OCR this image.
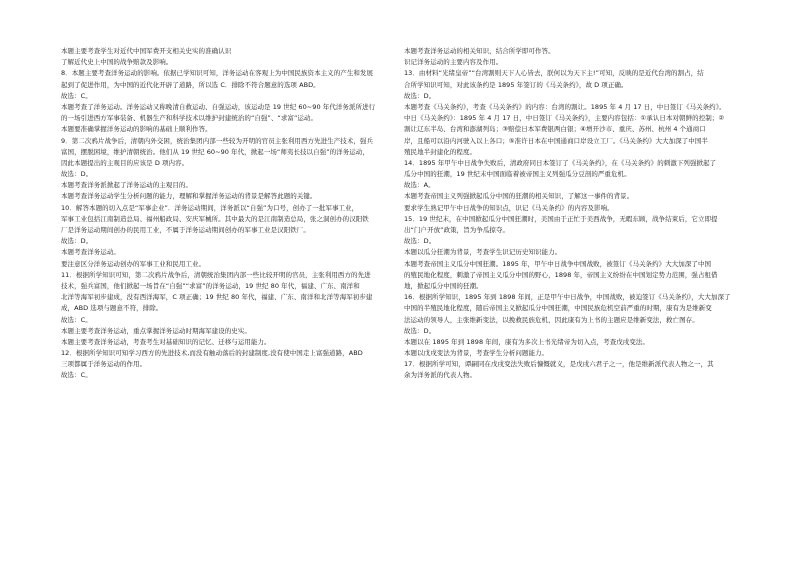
本题主要考查学生对近代中国军费开支相关史实的准确认识
了解近代史上中国的战争赔款及影响。
8．本题主要考查洋务运动的影响。依据已学知识可知，洋务运动在客观上为中国民族资本主义的产生和发展
起到了促进作用，为中国的近代化开辟了道路，所以选 C．排除不符合题意的选项 ABD。
故选：C。
本题考查了洋务运动。洋务运动又称晚清自救运动、自强运动，该运动是 19 世纪 60~90 年代洋务派所进行
的一场引进西方军事装备、机器生产和科学技术以维护封建统治的“自强”、“求富”运动。
本题要准确掌握洋务运动的影响的基础上顺利作答。
9．第二次鸦片战争后，清朝内外交困，统治集团内部一些较为开明的官员主张利用西方先进生产技术，强兵
富国，摆脱困境，维护清朝统治。他们从 19 世纪 60~90 年代，掀起一场“师夷长技以自强”的洋务运动，
因此本题提出的主观目的应该是 D 项内容。
故选：D。
本题考查洋务派掀起了洋务运动的主观目的。
本题考查洋务运动学生分析问题的能力，理解和掌握洋务运动的背景是解答此题的关键。
10．解答本题的切入点是“军事企业”．洋务运动期间，洋务派以“自强”为口号，创办了一批军事工业，
军事工业包括江南制造总局、福州船政局、安庆军械所。其中最大的是江南制造总局，张之洞创办的汉阳铁
厂是洋务运动期间创办的民用工业，不属于洋务运动期间创办的军事工业是汉阳铁厂。
故选：D。
本题考查洋务运动。
要注意区分洋务运动创办的军事工业和民用工业。
11．根据所学知识可知，第二次鸦片战争后，清朝统治集团内部一些比较开明的官员，主张利用西方的先进
技术，强兵富国，他们掀起一场旨在“自强”“求富”的洋务运动，19 世纪 80 年代，福建、广东、南洋和
北洋等海军初步建成，没有西洋海军，C 项正确；19 世纪 80 年代，福建、广东、南洋和北洋等海军初步建
成，ABD 选项与题意不符，排除。
故选：C。
本题主要考查洋务运动，重点掌握洋务运动时期海军建设的史实。
本题主要考查洋务运动，考查考生对基础知识的记忆、迁移与运用能力。
12．根据所学知识可知学习西方的先进技术,而没有触动落后的封建制度,没有使中国走上富强道路，ABD
三项都属于洋务运动的作用。
故选：C。
本题考查洋务运动的相关知识，结合所学即可作答。
识记洋务运动的主要内容及作用。
13．由材料“光绪皇帝”“台湾割则天下人心皆去，朕何以为天下主!”可知，反映的是近代台湾的割占，结
合所学知识可知，对此该条约是 1895 年签订的《马关条约》，故 D 项正确。
故选：D。
本题考查《马关条约》，考查《马关条约》的内容：台湾的割让。1895 年 4 月 17 日，中日签订《马关条约》。
中日《马关条约》：1895 年 4 月 17 日，中日签订《马关条约》，主要内容包括：①承认日本对朝鲜的控制；②
割让辽东半岛、台湾和澎湖列岛；③赔偿日本军费银两白银；④增开沙市、重庆、苏州、杭州 4 个通商口
岸，且船可以沿内河驶入以上各口；⑤准许日本在中国通商口岸设立工厂。《马关条约》大大加深了中国半
殖民地半封建化的程度。
14．1895 年甲午中日战争失败后，清政府同日本签订了《马关条约》，在《马关条约》的刺激下列强掀起了
瓜分中国的狂潮，19 世纪末中国面临着被帝国主义列强瓜分豆剖的严重危机。
故选：A。
本题考查帝国主义列强掀起瓜分中国的狂潮的相关知识，了解这一事件的背景。
要求学生熟记甲午中日战争的知识点，识记《马关条约》的内容及影响。
15．19 世纪末，在中国掀起瓜分中国狂潮时，美国由于正忙于美西战争，无暇东顾，战争结束后，它立即提
出“门户开放”政策，旨为争瓜掠夺。
故选：D。
本题以瓜分狂潮为背景，考查学生识记历史知识能力。
本题考查帝国主义瓜分中国狂潮。1895 年，甲午中日战争中国战败，被签订《马关条约》大大加深了中国
的殖民地化程度，刺激了帝国主义瓜分中国的野心，1898 年，帝国主义纷纷在中国划定势力范围，强占租借
地，掀起瓜分中国的狂潮。
16．根据所学知识，1895 年到 1898 年间，正是甲午中日战争，中国战败，被迫签订《马关条约》，大大加深了
中国的半殖民地化程度，随后帝国主义掀起瓜分中国狂潮，中国民族危机空前严重的时期，康有为是维新变
法运动的领导人，主张维新变法，以挽救民族危机，因此康有为上书的主题应是维新变法，救亡图存。
故选：D。
本题以在 1895 年到 1898 年间，康有为多次上书光绪帝为切入点，考查戊戌变法。
本题以戊戌变法为背景，考查学生分析问题能力。
17．根据所学可知，谭嗣同在戊戌变法失败后慷慨就义，是戊戌六君子之一，他是维新派代表人物之一，其
余为洋务派的代表人物。
